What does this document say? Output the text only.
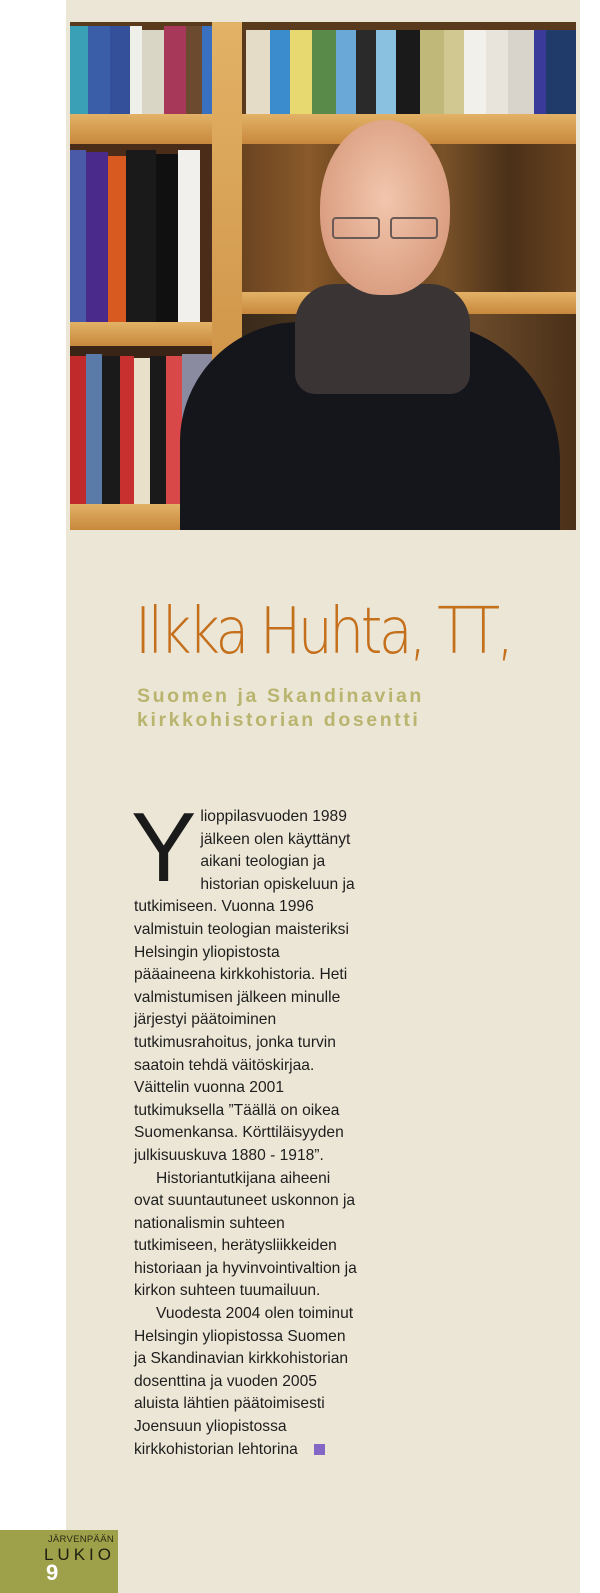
Ilkka Huhta, TT,
Suomen ja Skandinavian
kirkkohistorian dosentti

Ylioppilasvuoden 1989 jälkeen olen käyttänyt aikani teologian ja historian opiskeluun ja tutkimiseen. Vuonna 1996 valmistuin teologian maisteriksi Helsingin yliopistosta pääaineena kirkkohistoria. Heti valmistumisen jälkeen minulle järjestyi päätoiminen tutkimusrahoitus, jonka turvin saatoin tehdä väitöskirjaa. Väittelin vuonna 2001 tutkimuksella ”Täällä on oikea Suomenkansa. Körttiläisyyden julkisuuskuva 1880 - 1918”.

Historiantutkijana aiheeni ovat suuntautuneet uskonnon ja nationalismin suhteen tutkimiseen, herätysliikkeiden historiaan ja hyvinvointivaltion ja kirkon suhteen tuumailuun.

Vuodesta 2004 olen toiminut Helsingin yliopistossa Suomen ja Skandinavian kirkkohistorian dosenttina ja vuoden 2005 aluista lähtien päätoimisesti Joensuun yliopistossa kirkkohistorian lehtorina

JÄRVENPÄÄN
LUKIO
9
